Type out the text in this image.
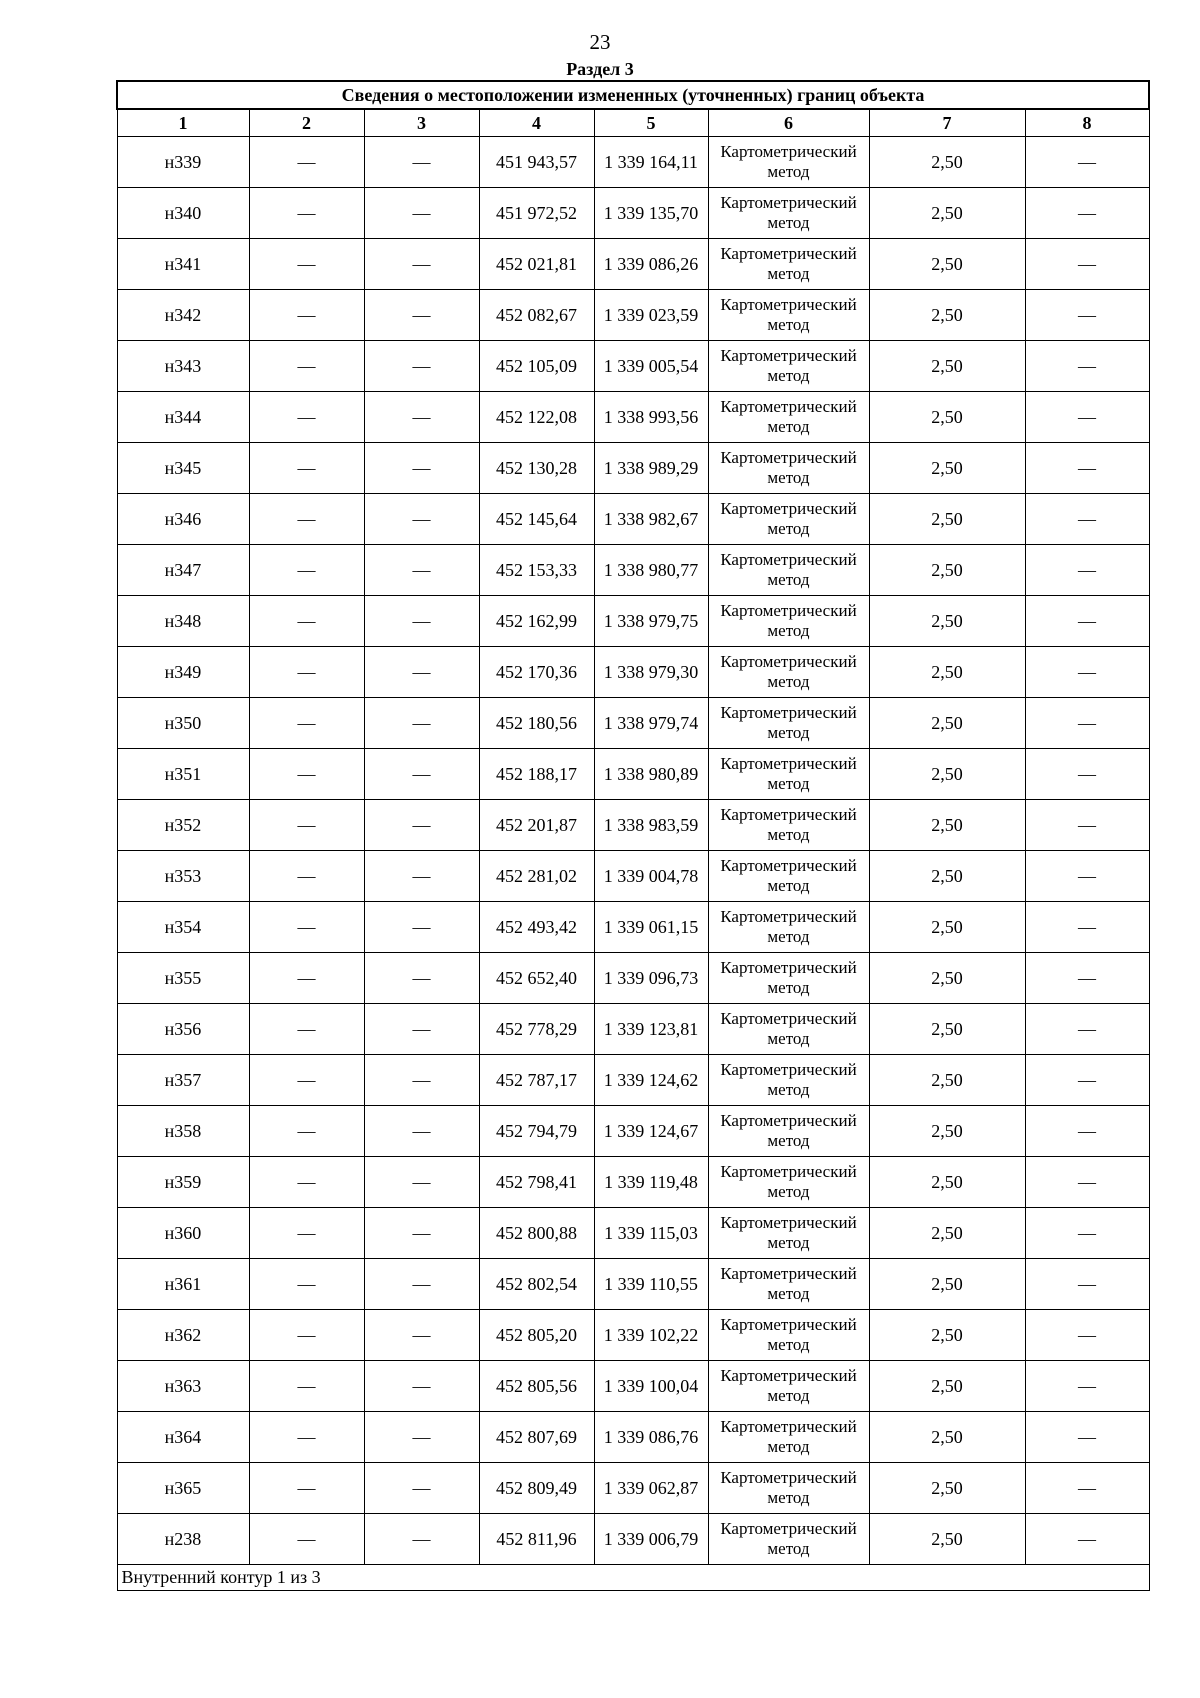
23
Раздел 3
Сведения о местоположении измененных (уточненных) границ объекта							
1	2	3	4	5	6	7	8
н339	—	—	451 943,57	1 339 164,11	Картометрический метод	2,50	—
н340	—	—	451 972,52	1 339 135,70	Картометрический метод	2,50	—
н341	—	—	452 021,81	1 339 086,26	Картометрический метод	2,50	—
н342	—	—	452 082,67	1 339 023,59	Картометрический метод	2,50	—
н343	—	—	452 105,09	1 339 005,54	Картометрический метод	2,50	—
н344	—	—	452 122,08	1 338 993,56	Картометрический метод	2,50	—
н345	—	—	452 130,28	1 338 989,29	Картометрический метод	2,50	—
н346	—	—	452 145,64	1 338 982,67	Картометрический метод	2,50	—
н347	—	—	452 153,33	1 338 980,77	Картометрический метод	2,50	—
н348	—	—	452 162,99	1 338 979,75	Картометрический метод	2,50	—
н349	—	—	452 170,36	1 338 979,30	Картометрический метод	2,50	—
н350	—	—	452 180,56	1 338 979,74	Картометрический метод	2,50	—
н351	—	—	452 188,17	1 338 980,89	Картометрический метод	2,50	—
н352	—	—	452 201,87	1 338 983,59	Картометрический метод	2,50	—
н353	—	—	452 281,02	1 339 004,78	Картометрический метод	2,50	—
н354	—	—	452 493,42	1 339 061,15	Картометрический метод	2,50	—
н355	—	—	452 652,40	1 339 096,73	Картометрический метод	2,50	—
н356	—	—	452 778,29	1 339 123,81	Картометрический метод	2,50	—
н357	—	—	452 787,17	1 339 124,62	Картометрический метод	2,50	—
н358	—	—	452 794,79	1 339 124,67	Картометрический метод	2,50	—
н359	—	—	452 798,41	1 339 119,48	Картометрический метод	2,50	—
н360	—	—	452 800,88	1 339 115,03	Картометрический метод	2,50	—
н361	—	—	452 802,54	1 339 110,55	Картометрический метод	2,50	—
н362	—	—	452 805,20	1 339 102,22	Картометрический метод	2,50	—
н363	—	—	452 805,56	1 339 100,04	Картометрический метод	2,50	—
н364	—	—	452 807,69	1 339 086,76	Картометрический метод	2,50	—
н365	—	—	452 809,49	1 339 062,87	Картометрический метод	2,50	—
н238	—	—	452 811,96	1 339 006,79	Картометрический метод	2,50	—
Внутренний контур 1 из 3							
